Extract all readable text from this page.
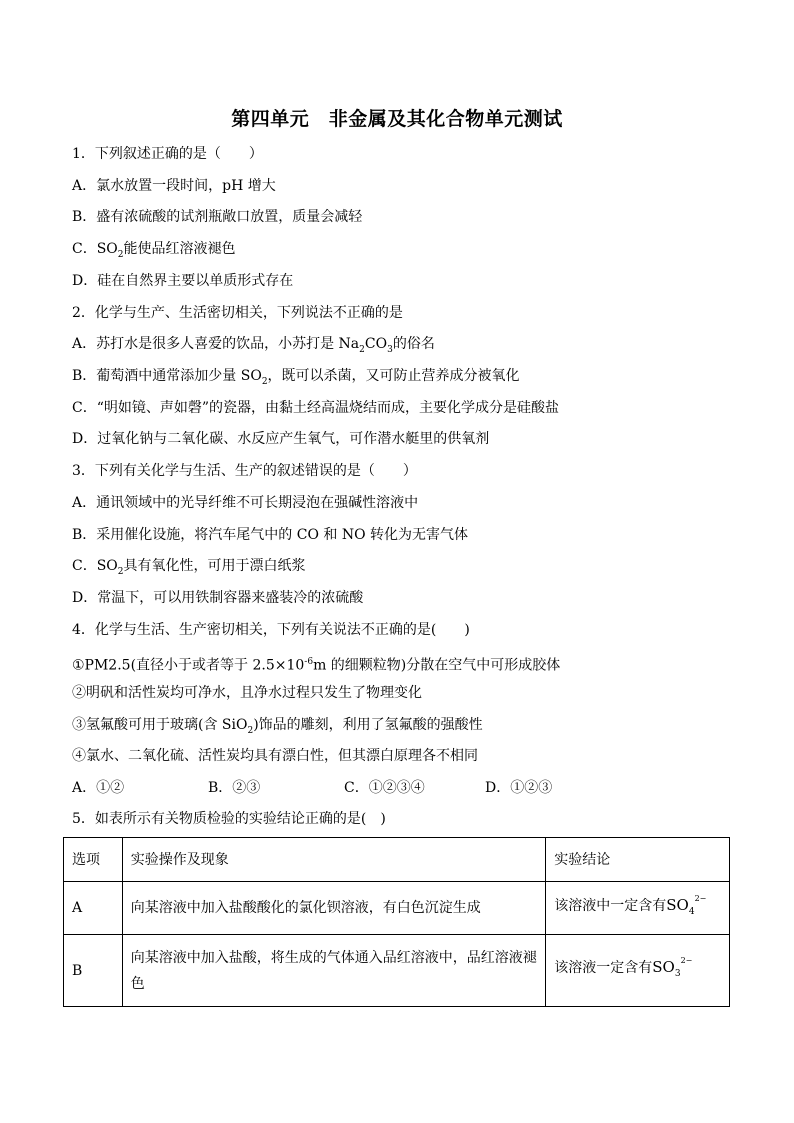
第四单元　非金属及其化合物单元测试
1．下列叙述正确的是（　　）
A．氯水放置一段时间，pH 增大
B．盛有浓硫酸的试剂瓶敞口放置，质量会减轻
C．$SO_2$能使品红溶液褪色
D．硅在自然界主要以单质形式存在
2．化学与生产、生活密切相关，下列说法不正确的是
A．苏打水是很多人喜爱的饮品，小苏打是 $Na_2CO_3$的俗名
B．葡萄酒中通常添加少量 $SO_2$，既可以杀菌，又可防止营养成分被氧化
C．“明如镜、声如磬”的瓷器，由黏土经高温烧结而成，主要化学成分是硅酸盐
D．过氧化钠与二氧化碳、水反应产生氧气，可作潜水艇里的供氧剂
3．下列有关化学与生活、生产的叙述错误的是（　　）
A．通讯领域中的光导纤维不可长期浸泡在强碱性溶液中
B．采用催化设施，将汽车尾气中的 CO 和 NO 转化为无害气体
C．$SO_2$具有氧化性，可用于漂白纸浆
D．常温下，可以用铁制容器来盛装冷的浓硫酸
4．化学与生活、生产密切相关，下列有关说法不正确的是(　　)
①PM2.5(直径小于或者等于 $2.5\times 10^{-6}m$ 的细颗粒物)分散在空气中可形成胶体
②明矾和活性炭均可净水，且净水过程只发生了物理变化
③氢氟酸可用于玻璃(含 SiO$_2$)饰品的雕刻，利用了氢氟酸的强酸性
④氯水、二氧化硫、活性炭均具有漂白性，但其漂白原理各不相同
A．①②	B．②③	C．①②③④	D．①②③
5．如表所示有关物质检验的实验结论正确的是(　)
选项	实验操作及现象	实验结论
A	向某溶液中加入盐酸酸化的氯化钡溶液，有白色沉淀生成	该溶液中一定含有$SO_4$
2−

B	向某溶液中加入盐酸，将生成的气体通入品红溶液中，品红溶液褪色	该溶液一定含有$SO_3$
2−
